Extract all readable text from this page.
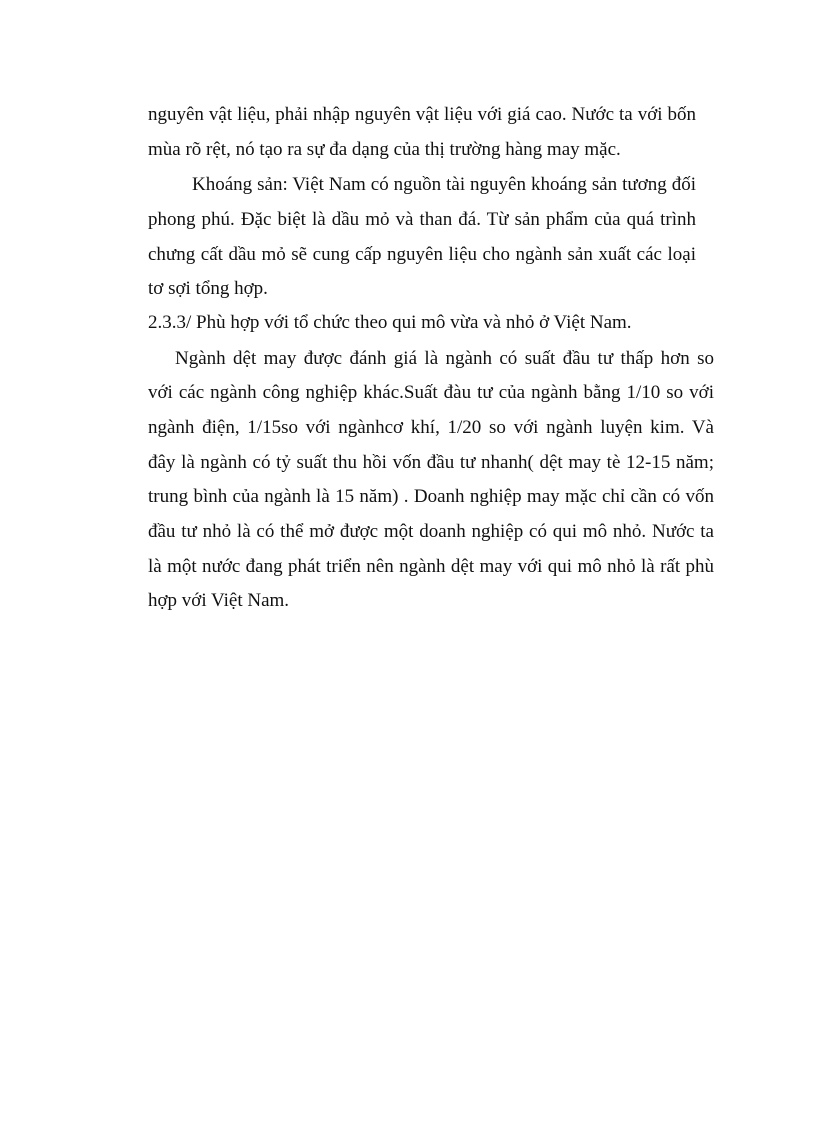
nguyên vật liệu, phải nhập nguyên vật liệu với giá cao. Nước ta với bốn
mùa rõ rệt, nó tạo ra sự đa dạng của thị trường hàng may mặc.
Khoáng sản: Việt Nam có nguồn tài nguyên khoáng sản tương đối
phong phú. Đặc biệt là dầu mỏ và than đá. Từ sản phẩm của quá trình
chưng cất dầu mỏ sẽ cung cấp nguyên liệu cho ngành sản xuất các loại
tơ sợi tổng hợp.
2.3.3/ Phù hợp với tổ chức theo qui mô vừa và nhỏ ở Việt Nam.
Ngành dệt may được đánh giá là ngành có suất đầu tư thấp hơn so
với các ngành công nghiệp khác.Suất đàu tư của ngành bằng 1/10 so với
ngành điện, 1/15so với ngànhcơ khí, 1/20 so với ngành luyện kim. Và
đây là ngành có tỷ suất thu hồi vốn đầu tư nhanh( dệt may tè 12-15 năm;
trung bình của ngành là 15 năm) . Doanh nghiệp may mặc chỉ cần có vốn
đầu tư nhỏ là có thể mở được một doanh nghiệp có qui mô nhỏ. Nước ta
là một nước đang phát triển nên ngành dệt may với qui mô nhỏ là rất phù
hợp với Việt Nam.
